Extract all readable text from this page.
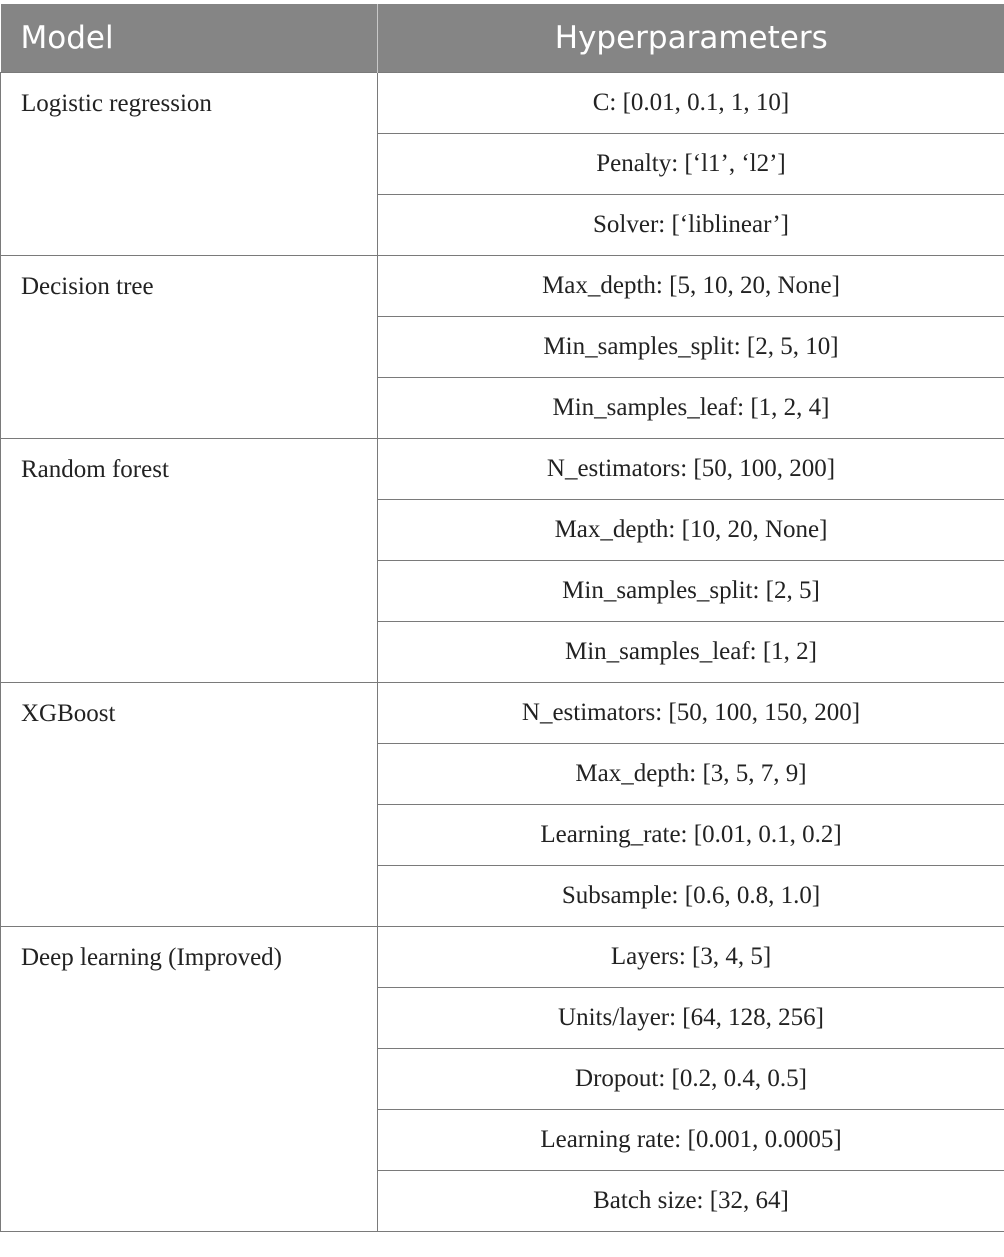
Model	Hyperparameters
Logistic regression	C: [0.01, 0.1, 1, 10]
	Penalty: [‘l1’, ‘l2’]
	Solver: [‘liblinear’]
Decision tree	Max_depth: [5, 10, 20, None]
	Min_samples_split: [2, 5, 10]
	Min_samples_leaf: [1, 2, 4]
Random forest	N_estimators: [50, 100, 200]
	Max_depth: [10, 20, None]
	Min_samples_split: [2, 5]
	Min_samples_leaf: [1, 2]
XGBoost	N_estimators: [50, 100, 150, 200]
	Max_depth: [3, 5, 7, 9]
	Learning_rate: [0.01, 0.1, 0.2]
	Subsample: [0.6, 0.8, 1.0]
Deep learning (Improved)	Layers: [3, 4, 5]
	Units/layer: [64, 128, 256]
	Dropout: [0.2, 0.4, 0.5]
	Learning rate: [0.001, 0.0005]
	Batch size: [32, 64]
